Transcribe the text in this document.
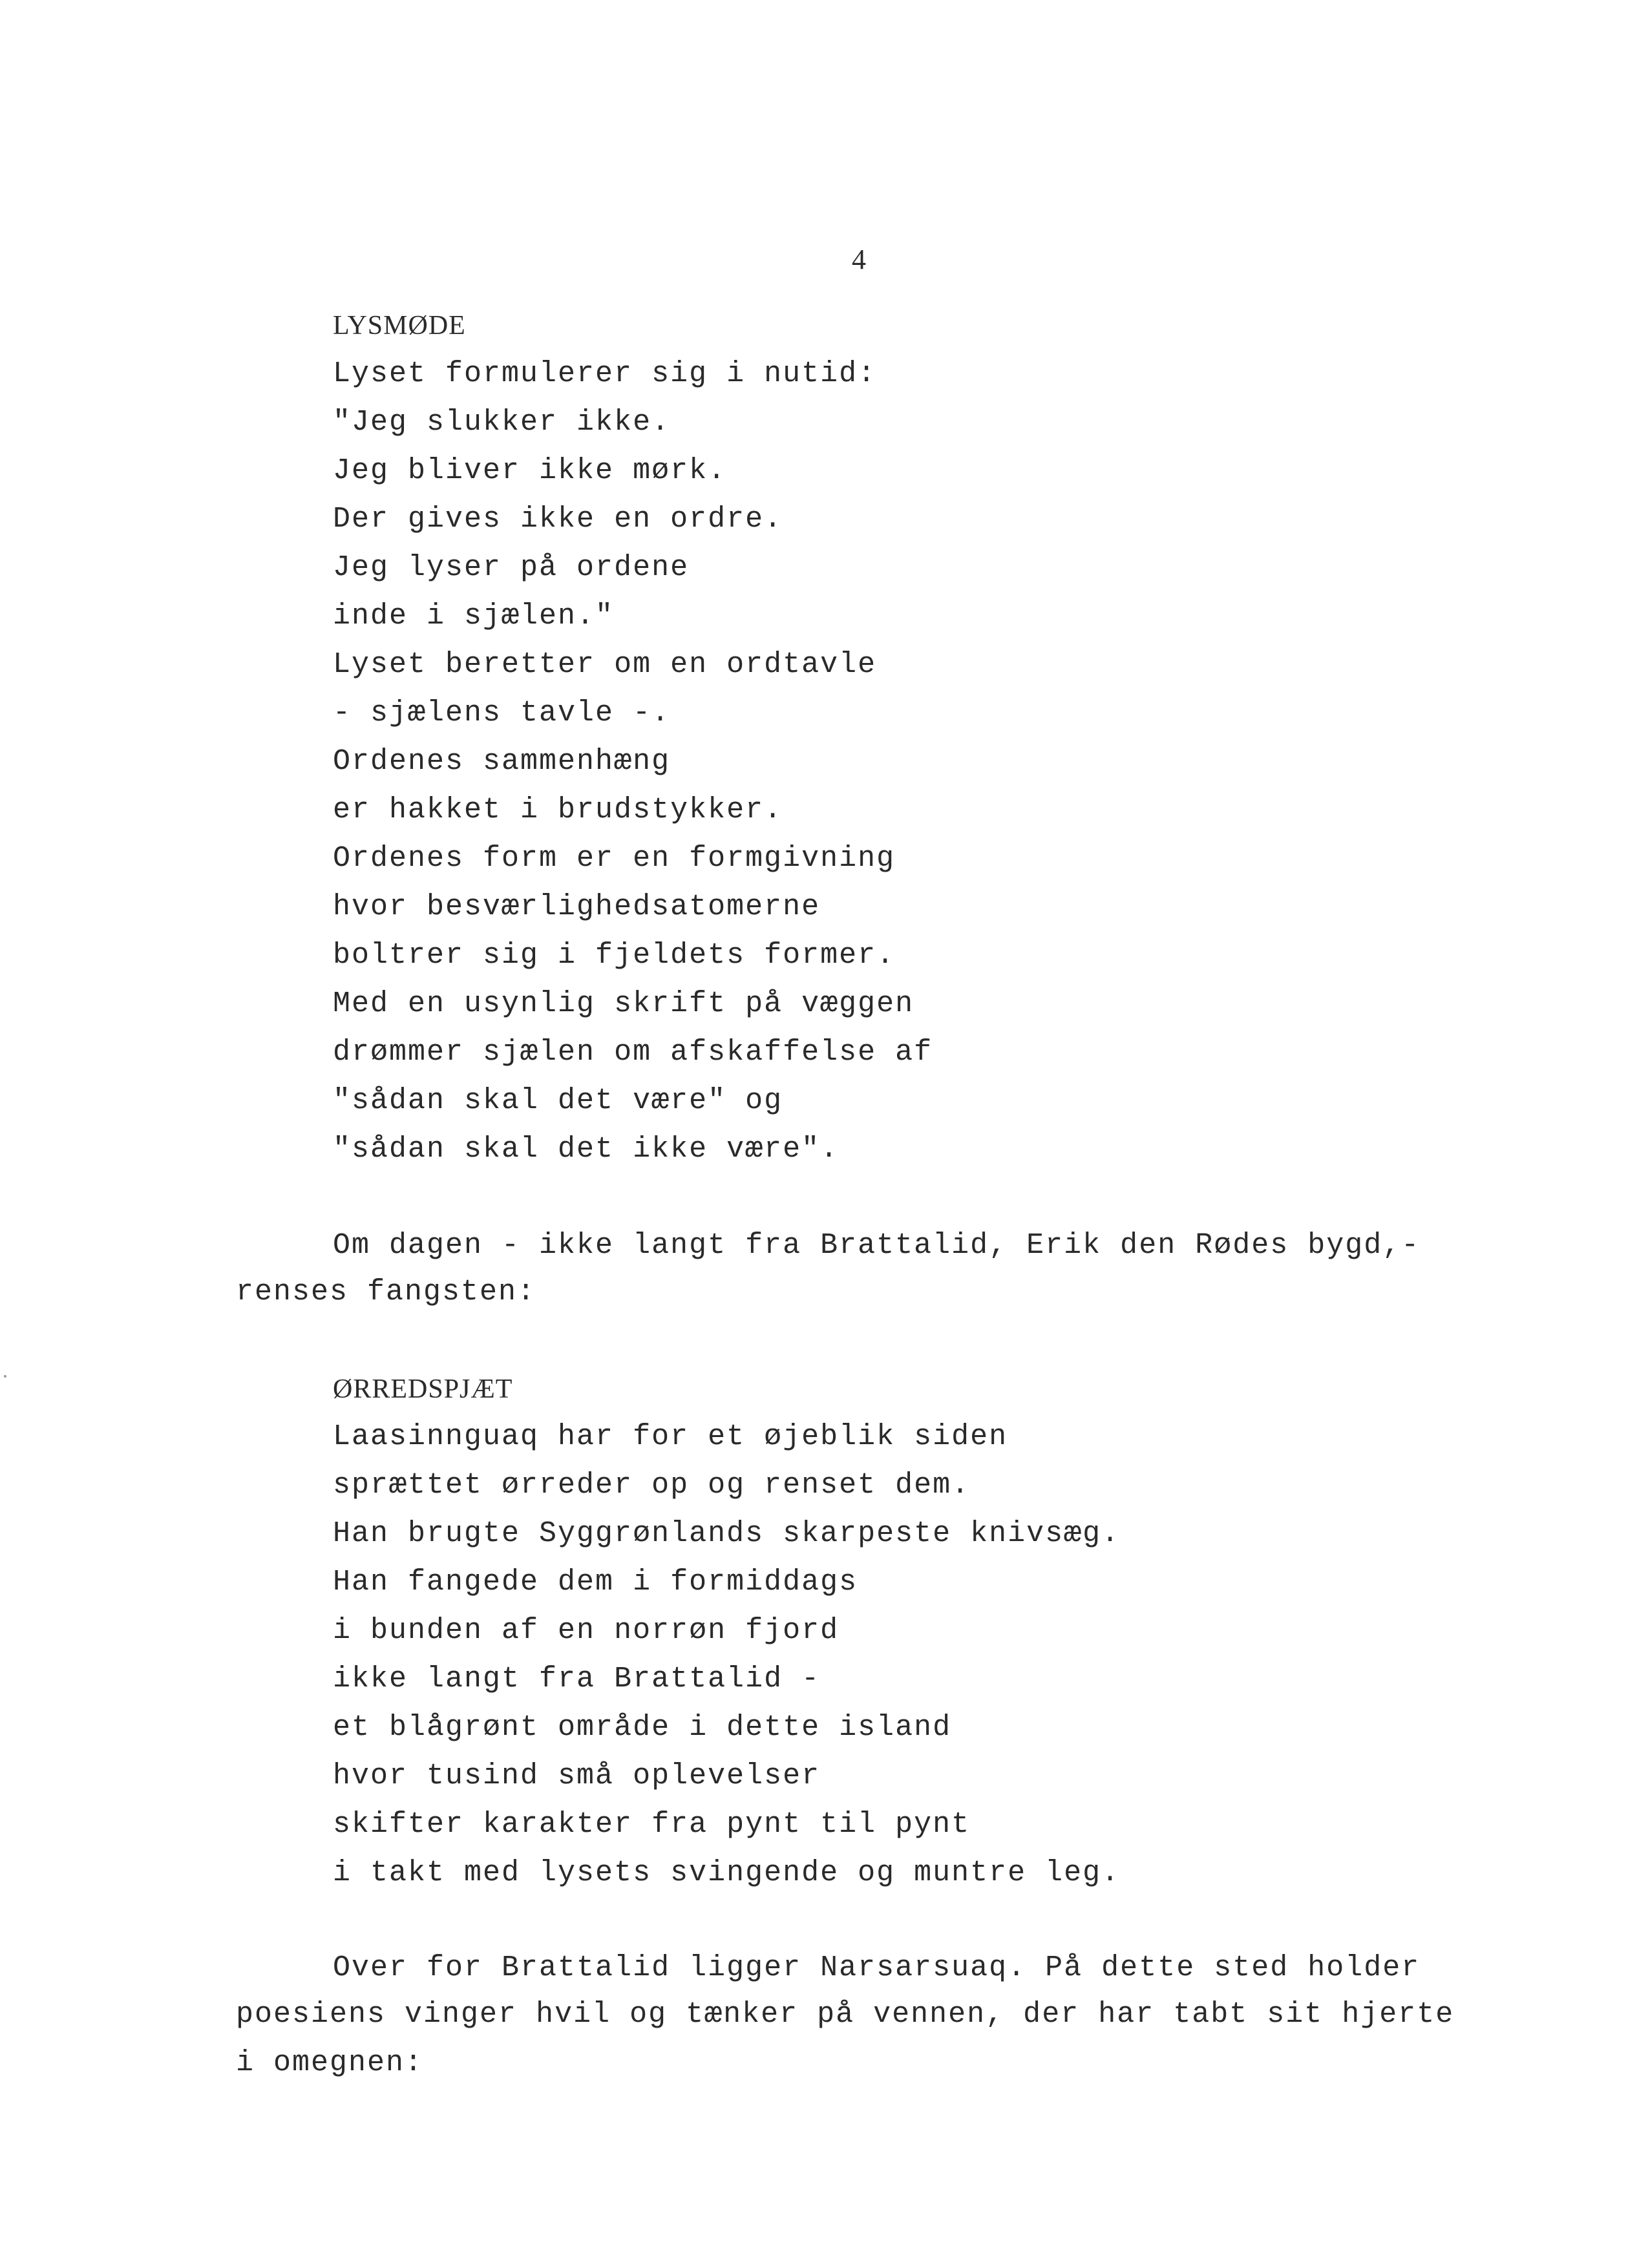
4
LYSMØDE
Lyset formulerer sig i nutid:
"Jeg slukker ikke.
Jeg bliver ikke mørk.
Der gives ikke en ordre.
Jeg lyser på ordene
inde i sjælen."
Lyset beretter om en ordtavle
- sjælens tavle -.
Ordenes sammenhæng
er hakket i brudstykker.
Ordenes form er en formgivning
hvor besværlighedsatomerne
boltrer sig i fjeldets former.
Med en usynlig skrift på væggen
drømmer sjælen om afskaffelse af
"sådan skal det være" og
"sådan skal det ikke være".
Om dagen - ikke langt fra Brattalid, Erik den Rødes bygd,-
renses fangsten:
ØRREDSPJÆT
Laasinnguaq har for et øjeblik siden
sprættet ørreder op og renset dem.
Han brugte Syggrønlands skarpeste knivsæg.
Han fangede dem i formiddags
i bunden af en norrøn fjord
ikke langt fra Brattalid -
et blågrønt område i dette island
hvor tusind små oplevelser
skifter karakter fra pynt til pynt
i takt med lysets svingende og muntre leg.
Over for Brattalid ligger Narsarsuaq. På dette sted holder
poesiens vinger hvil og tænker på vennen, der har tabt sit hjerte
i omegnen:
